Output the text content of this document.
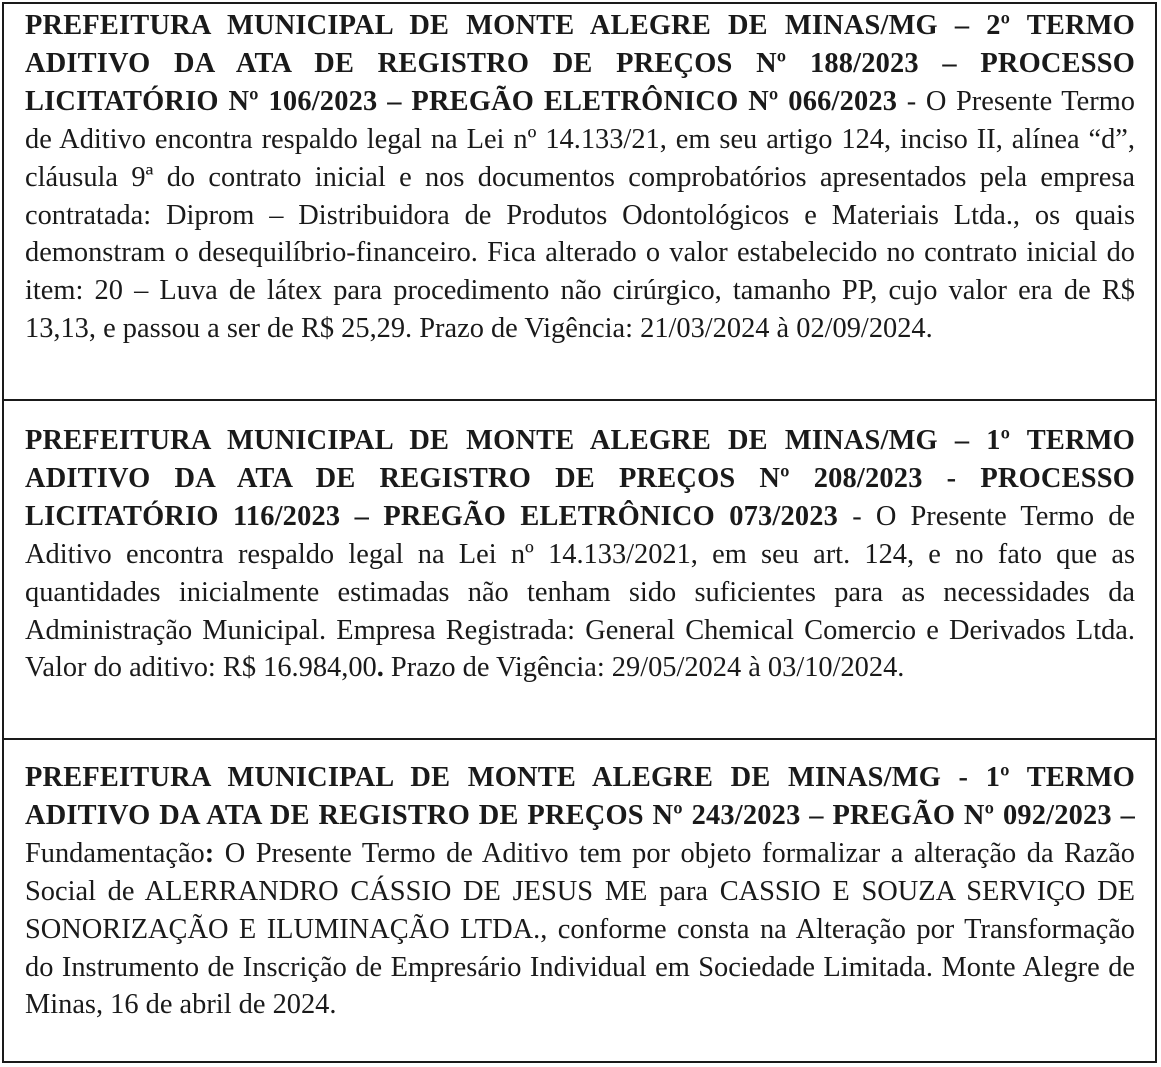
PREFEITURA MUNICIPAL DE MONTE ALEGRE DE MINAS/MG – 2º TERMO ADITIVO DA ATA DE REGISTRO DE PREÇOS Nº 188/2023 – PROCESSO LICITATÓRIO Nº 106/2023 – PREGÃO ELETRÔNICO Nº 066/2023 - O Presente Termo de Aditivo encontra respaldo legal na Lei nº 14.133/21, em seu artigo 124, inciso II, alínea “d”, cláusula 9ª do contrato inicial e nos documentos comprobatórios apresentados pela empresa contratada: Diprom – Distribuidora de Produtos Odontológicos e Materiais Ltda., os quais demonstram o desequilíbrio-financeiro. Fica alterado o valor estabelecido no contrato inicial do item: 20 – Luva de látex para procedimento não cirúrgico, tamanho PP, cujo valor era de R$ 13,13, e passou a ser de R$ 25,29. Prazo de Vigência: 21/03/2024 à 02/09/2024.
PREFEITURA MUNICIPAL DE MONTE ALEGRE DE MINAS/MG – 1º TERMO ADITIVO DA ATA DE REGISTRO DE PREÇOS Nº 208/2023 - PROCESSO LICITATÓRIO 116/2023 – PREGÃO ELETRÔNICO 073/2023 - O Presente Termo de Aditivo encontra respaldo legal na Lei nº 14.133/2021, em seu art. 124, e no fato que as quantidades inicialmente estimadas não tenham sido suficientes para as necessidades da Administração Municipal. Empresa Registrada: General Chemical Comercio e Derivados Ltda. Valor do aditivo: R$ 16.984,00. Prazo de Vigência: 29/05/2024 à 03/10/2024.
PREFEITURA MUNICIPAL DE MONTE ALEGRE DE MINAS/MG - 1º TERMO ADITIVO DA ATA DE REGISTRO DE PREÇOS Nº 243/2023 – PREGÃO Nº 092/2023 – Fundamentação: O Presente Termo de Aditivo tem por objeto formalizar a alteração da Razão Social de ALERRANDRO CÁSSIO DE JESUS ME para CASSIO E SOUZA SERVIÇO DE SONORIZAÇÃO E ILUMINAÇÃO LTDA., conforme consta na Alteração por Transformação do Instrumento de Inscrição de Empresário Individual em Sociedade Limitada. Monte Alegre de Minas, 16 de abril de 2024.
